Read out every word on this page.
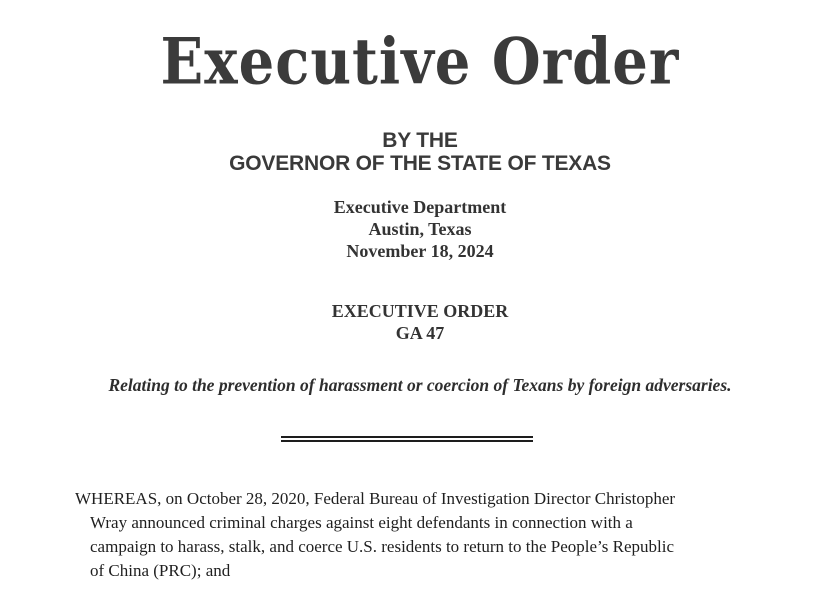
Executive Order
BY THE
GOVERNOR OF THE STATE OF TEXAS
Executive Department
Austin, Texas
November 18, 2024
EXECUTIVE ORDER
GA 47
Relating to the prevention of harassment or coercion of Texans by foreign adversaries.
WHEREAS, on October 28, 2020, Federal Bureau of Investigation Director Christopher
Wray announced criminal charges against eight defendants in connection with a
campaign to harass, stalk, and coerce U.S. residents to return to the People’s Republic
of China (PRC); and
